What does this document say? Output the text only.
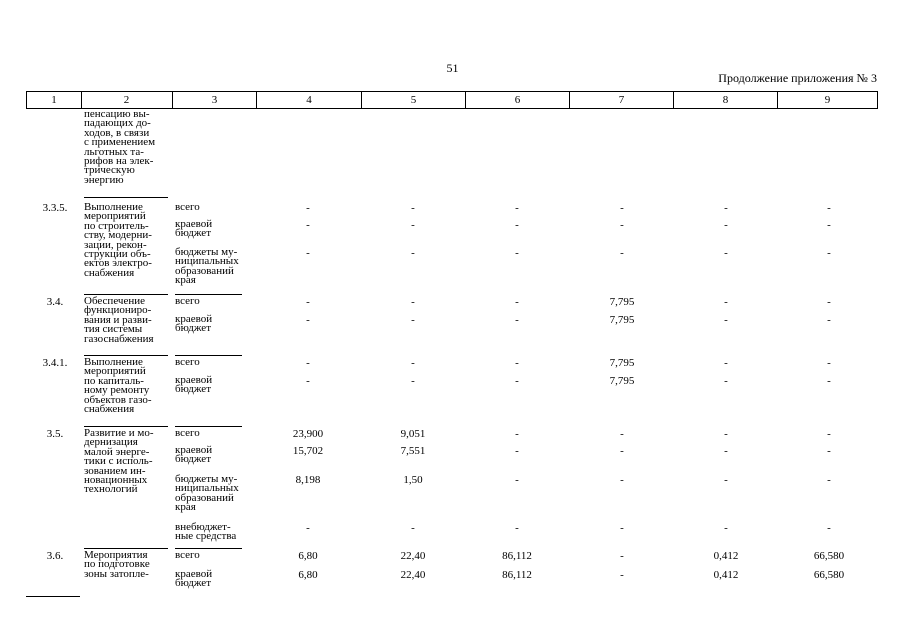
51
Продолжение приложения № 3
1	2	3	4	5	6	7	8	9
пенсацию вы-
падающих до-
ходов, в связи
с применением
льготных та-
рифов на элек-
трическую
энергию
3.3.5.	Выполнение
мероприятий
по строитель-
ству, модерни-
зации, рекон-
струкции объ-
ектов электро-
снабжения
всего	-	-	-	-	-	-
краевой
бюджет
-	-	-	-	-	-
бюджеты му-
ниципальных
образований
края
-	-	-	-	-	-
3.4.	Обеспечение
функциониро-
вания и разви-
тия системы
газоснабжения
всего	-	-	-	7,795	-	-
краевой
бюджет
-	-	-	7,795	-	-
3.4.1.	Выполнение
мероприятий
по капиталь-
ному ремонту
объектов газо-
снабжения
всего	-	-	-	7,795	-	-
краевой
бюджет
-	-	-	7,795	-	-
3.5.	Развитие и мо-
дернизация
малой энерге-
тики с исполь-
зованием ин-
новационных
технологий
всего	23,900	9,051	-	-	-	-
краевой
бюджет
15,702	7,551	-	-	-	-
бюджеты му-
ниципальных
образований
края
8,198	1,50	-	-	-	-
внебюджет-
ные средства
-	-	-	-	-	-
3.6.	Мероприятия
по подготовке
зоны затопле-
всего	6,80	22,40	86,112	-	0,412	66,580
краевой
бюджет
6,80	22,40	86,112	-	0,412	66,580
